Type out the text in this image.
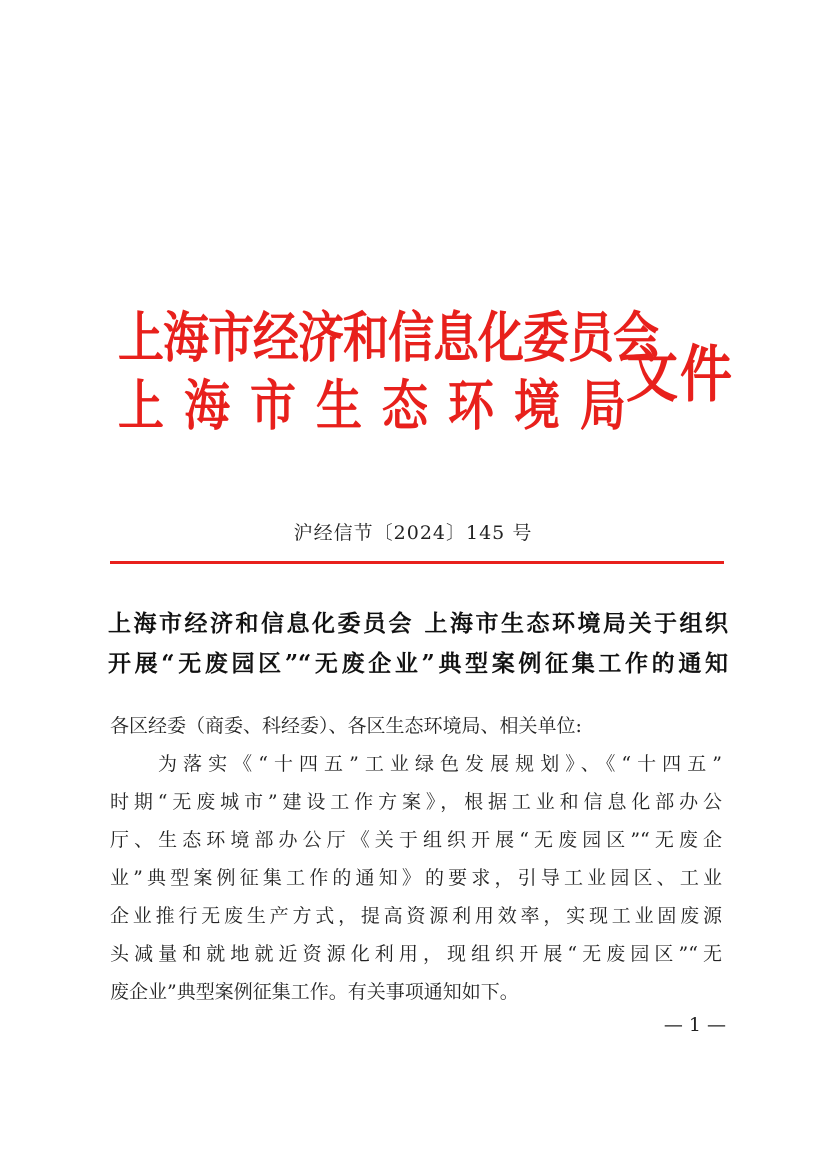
上海市经济和信息化委员会
上海市生态环境局
文件
沪经信节〔2024〕145 号
上海市经济和信息化委员会 上海市生态环境局关于组织
开展“无废园区”“无废企业”典型案例征集工作的通知
各区经委（商委、科经委）、各区生态环境局、相关单位:
为落实《“十四五”工业绿色发展规划》、《“十四五”
时期“无废城市”建设工作方案》，根据工业和信息化部办公
厅、生态环境部办公厅《关于组织开展“无废园区”“无废企
业”典型案例征集工作的通知》的要求，引导工业园区、工业
企业推行无废生产方式，提高资源利用效率，实现工业固废源
头减量和就地就近资源化利用，现组织开展“无废园区”“无
废企业”典型案例征集工作。有关事项通知如下。
— 1 —
